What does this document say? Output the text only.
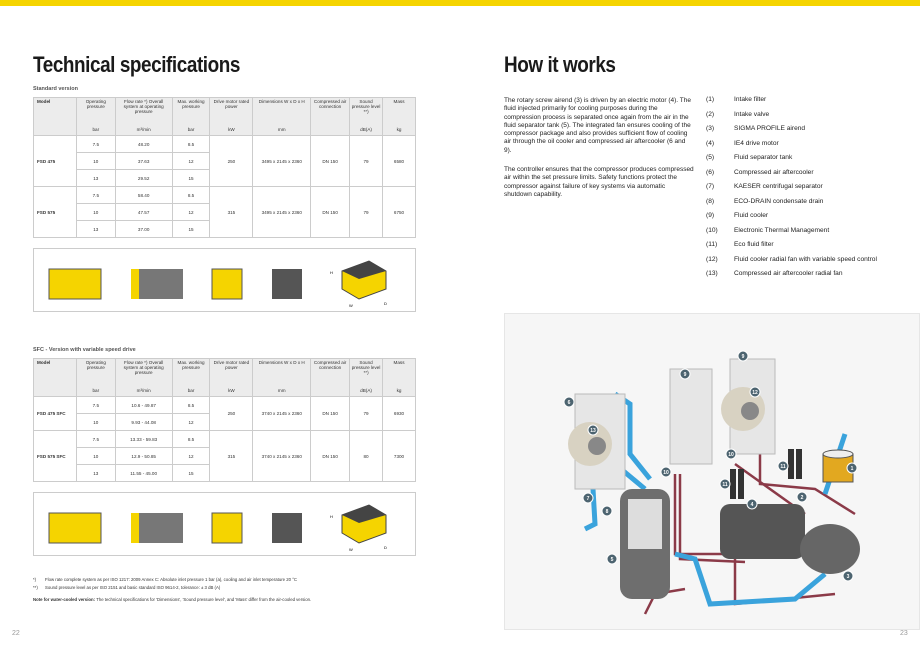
Technical specifications
Standard version
Model	Operating pressure	Flow rate *) Overall system at operating pressure	Max. working pressure	Drive motor rated power	Dimensions W x D x H	Compressed air connection	Sound pressure level **)	Mass
	bar	m³/min	bar	kW	mm		dB(A)	kg
FSD 475	7.5	48.20	8.5	250	3495 x 2145 x 2360	DN 150	79	6580
	10	37.63	12					
	13	29.52	15					
FSD 575	7.5	58.40	8.5	315	3495 x 2145 x 2360	DN 150	79	6750
	10	47.57	12					
	13	37.00	15					
H
W	D
SFC - Version with variable speed drive
Model	Operating pressure	Flow rate *) Overall system at operating pressure	Max. working pressure	Drive motor rated power	Dimensions W x D x H	Compressed air connection	Sound pressure level **)	Mass
	bar	m³/min	bar	kW	mm		dB(A)	kg
FSD 475 SFC	7.5	10.6 - 49.87	8.5	250	3740 x 2145 x 2360	DN 150	79	6930
	10	9.93 - 44.08	12					
FSD 575 SFC	7.5	13.33 - 59.83	8.5	315	3740 x 2145 x 2360	DN 150	80	7300
	10	12.9 - 50.85	12					
	13	11.55 - 45.00	15					
H
W	D
*) Flow rate complete system as per ISO 1217: 2009 Annex C: Absolute inlet pressure 1 bar (a), cooling and air inlet temperature 20 °C
**) Sound pressure level as per ISO 2151 and basic standard ISO 9614-2, tolerance: ± 3 dB (A)
Note for water-cooled version: The technical specifications for 'Dimensions', 'Sound pressure level', and 'Mass' differ from the air-cooled version.
22
How it works
The rotary screw airend (3) is driven by an electric motor (4). The fluid injected primarily for cooling purposes during the compression process is separated once again from the air in the fluid separator tank (5). The integrated fan ensures cooling of the compressor package and also provides sufficient flow of cooling air through the oil cooler and compressed air aftercooler (6 and 9).
The controller ensures that the compressor produces compressed air within the set pressure limits. Safety functions protect the compressor against failure of key systems via automatic shutdown capability.
(1)	Intake filter
(2)	Intake valve
(3)	SIGMA PROFILE airend
(4)	IE4 drive motor
(5)	Fluid separator tank
(6)	Compressed air aftercooler
(7)	KAESER centrifugal separator
(8)	ECO-DRAIN condensate drain
(9)	Fluid cooler
(10)	Electronic Thermal Management
(11)	Eco fluid filter
(12)	Fluid cooler radial fan with variable speed control
(13)	Compressed air aftercooler radial fan
1
2
3
4
5
6
7
8
9
9
10
10
11
11
12
13
23
